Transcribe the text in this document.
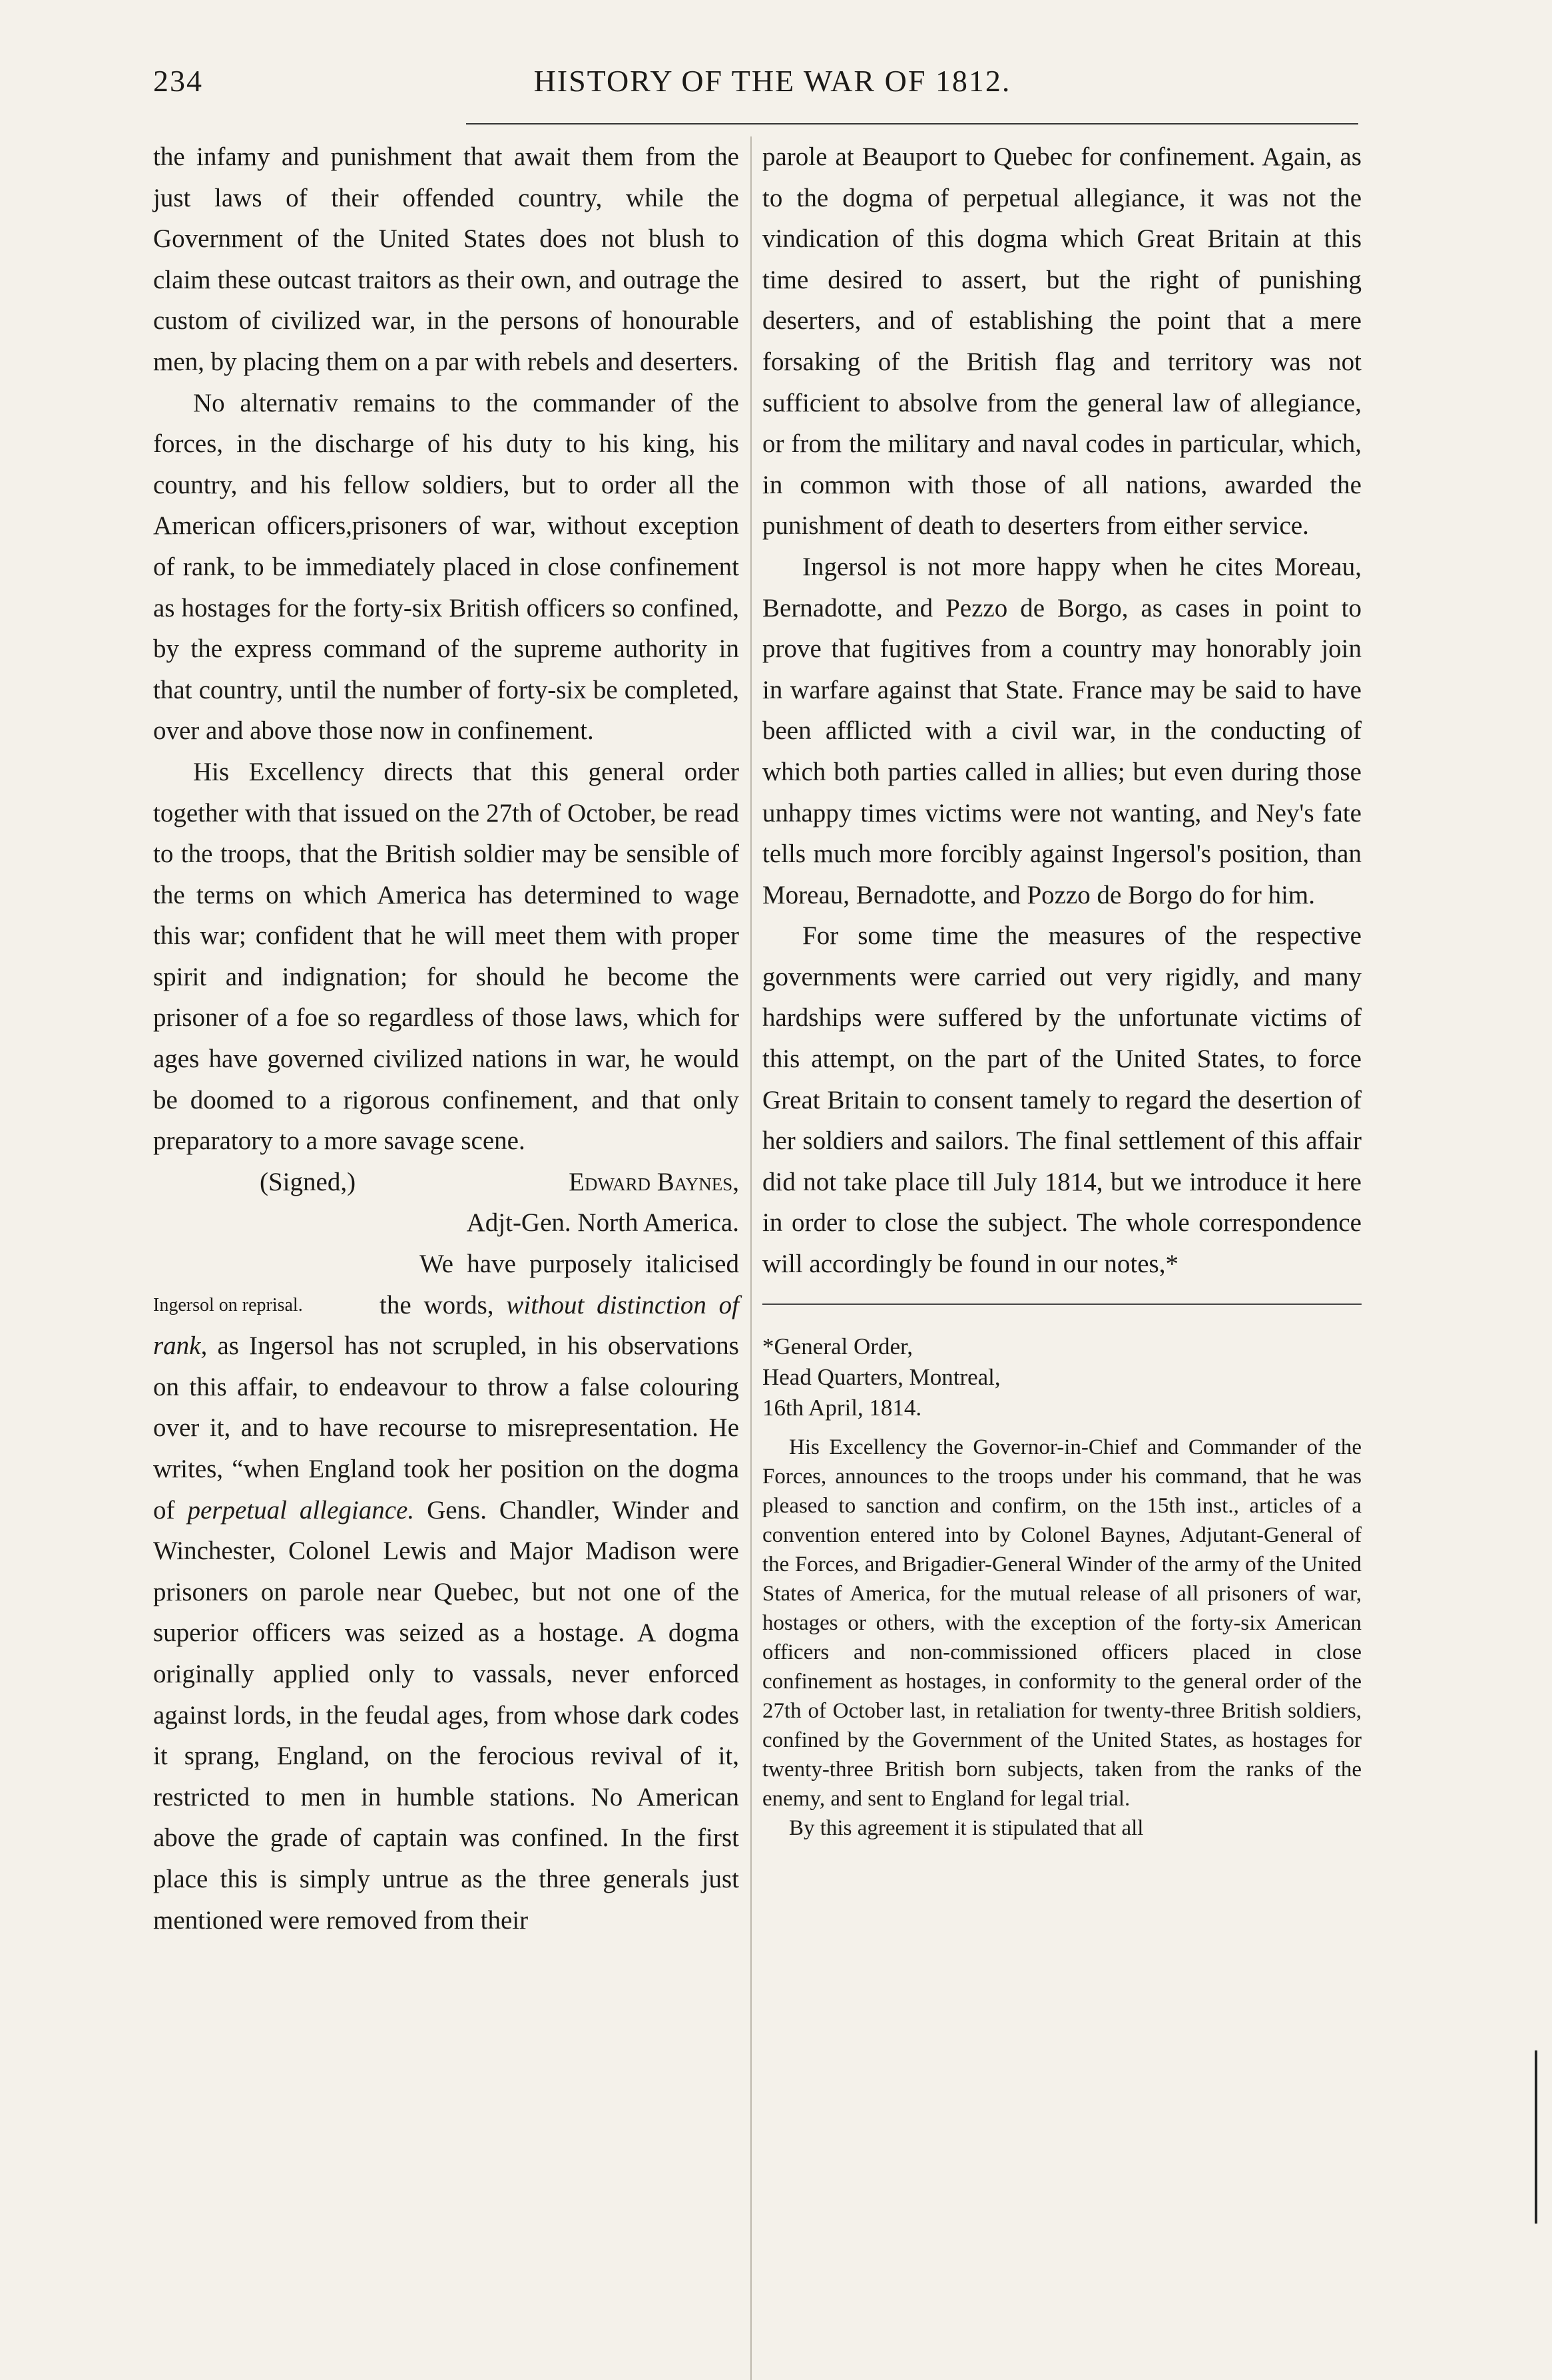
234	HISTORY OF THE WAR OF 1812.

the infamy and punishment that await them from the just laws of their offended country, while the Government of the United States does not blush to claim these outcast traitors as their own, and outrage the custom of civilized war, in the persons of honourable men, by placing them on a par with rebels and deserters.

No alternativ remains to the commander of the forces, in the discharge of his duty to his king, his country, and his fellow soldiers, but to order all the American officers,prisoners of war, without exception of rank, to be immediately placed in close confinement as hostages for the forty-six British officers so confined, by the express command of the supreme authority in that country, until the number of forty-six be completed, over and above those now in confinement.

His Excellency directs that this general order together with that issued on the 27th of October, be read to the troops, that the British soldier may be sensible of the terms on which America has determined to wage this war; confident that he will meet them with proper spirit and indignation; for should he become the prisoner of a foe so regardless of those laws, which for ages have governed civilized nations in war, he would be doomed to a rigorous confinement, and that only preparatory to a more savage scene.

(Signed,)	Edward Baynes,

Adjt-Gen. North America.

Ingersol on reprisal.
We have purposely italicised the words, without distinction of rank, as Ingersol has not scrupled, in his observations on this affair, to endeavour to throw a false colouring over it, and to have recourse to misrepresentation. He writes, “when England took her position on the dogma of perpetual allegiance. Gens. Chandler, Winder and Winchester, Colonel Lewis and Major Madison were prisoners on parole near Quebec, but not one of the superior officers was seized as a hostage. A dogma originally applied only to vassals, never enforced against lords, in the feudal ages, from whose dark codes it sprang, England, on the ferocious revival of it, restricted to men in humble stations. No American above the grade of captain was confined. In the first place this is simply untrue as the three generals just mentioned were removed from their

parole at Beauport to Quebec for confinement. Again, as to the dogma of perpetual allegiance, it was not the vindication of this dogma which Great Britain at this time desired to assert, but the right of punishing deserters, and of establishing the point that a mere forsaking of the British flag and territory was not sufficient to absolve from the general law of allegiance, or from the military and naval codes in particular, which, in common with those of all nations, awarded the punishment of death to deserters from either service.

Ingersol is not more happy when he cites Moreau, Bernadotte, and Pezzo de Borgo, as cases in point to prove that fugitives from a country may honorably join in warfare against that State. France may be said to have been afflicted with a civil war, in the conducting of which both parties called in allies; but even during those unhappy times victims were not wanting, and Ney's fate tells much more forcibly against Ingersol's position, than Moreau, Bernadotte, and Pozzo de Borgo do for him.

For some time the measures of the respective governments were carried out very rigidly, and many hardships were suffered by the unfortunate victims of this attempt, on the part of the United States, to force Great Britain to consent tamely to regard the desertion of her soldiers and sailors. The final settlement of this affair did not take place till July 1814, but we introduce it here in order to close the subject. The whole correspondence will accordingly be found in our notes,*

*General Order,

Head Quarters, Montreal,

16th April, 1814.

His Excellency the Governor-in-Chief and Commander of the Forces, announces to the troops under his command, that he was pleased to sanction and confirm, on the 15th inst., articles of a convention entered into by Colonel Baynes, Adjutant-General of the Forces, and Brigadier-General Winder of the army of the United States of America, for the mutual release of all prisoners of war, hostages or others, with the exception of the forty-six American officers and non-commissioned officers placed in close confinement as hostages, in conformity to the general order of the 27th of October last, in retaliation for twenty-three British soldiers, confined by the Government of the United States, as hostages for twenty-three British born subjects, taken from the ranks of the enemy, and sent to England for legal trial.

By this agreement it is stipulated that all
